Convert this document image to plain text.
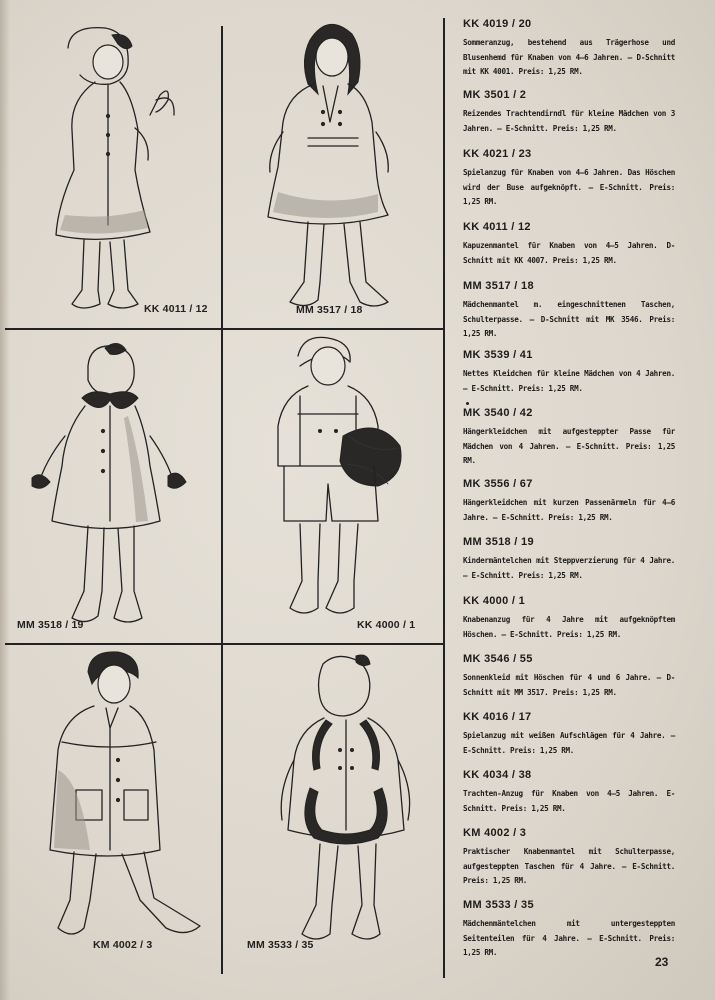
KK 4011 / 12	MM 3517 / 18
MM 3518 / 19	KK 4000 / 1
KM 4002 / 3	MM 3533 / 35
KK 4019 / 20
Sommeranzug, bestehend aus Trägerhose und Blusenhemd für Knaben von 4—6 Jahren. — D-Schnitt mit KK 4001. Preis: 1,25 RM.
MK 3501 / 2
Reizendes Trachtendirndl für kleine Mädchen von 3 Jahren. — E-Schnitt. Preis: 1,25 RM.
KK 4021 / 23
Spielanzug für Knaben von 4—6 Jahren. Das Höschen wird der Buse aufgeknöpft. — E-Schnitt. Preis: 1,25 RM.
KK 4011 / 12
Kapuzenmantel für Knaben von 4—5 Jahren. D-Schnitt mit KK 4007. Preis: 1,25 RM.
MM 3517 / 18
Mädchenmantel m. eingeschnittenen Taschen, Schulterpasse. — D-Schnitt mit MK 3546. Preis: 1,25 RM.
MK 3539 / 41
Nettes Kleidchen für kleine Mädchen von 4 Jahren. — E-Schnitt. Preis: 1,25 RM.
MK 3540 / 42
Hängerkleidchen mit aufgesteppter Passe für Mädchen von 4 Jahren. — E-Schnitt. Preis: 1,25 RM.
MK 3556 / 67
Hängerkleidchen mit kurzen Passenärmeln für 4—6 Jahre. — E-Schnitt. Preis: 1,25 RM.
MM 3518 / 19
Kindermäntelchen mit Steppverzierung für 4 Jahre. — E-Schnitt. Preis: 1,25 RM.
KK 4000 / 1
Knabenanzug für 4 Jahre mit aufgeknöpftem Höschen. — E-Schnitt. Preis: 1,25 RM.
MK 3546 / 55
Sonnenkleid mit Höschen für 4 und 6 Jahre. — D-Schnitt mit MM 3517. Preis: 1,25 RM.
KK 4016 / 17
Spielanzug mit weißen Aufschlägen für 4 Jahre. — E-Schnitt. Preis: 1,25 RM.
KK 4034 / 38
Trachten-Anzug für Knaben von 4—5 Jahren. E-Schnitt. Preis: 1,25 RM.
KM 4002 / 3
Praktischer Knabenmantel mit Schulterpasse, aufgesteppten Taschen für 4 Jahre. — E-Schnitt. Preis: 1,25 RM.
MM 3533 / 35
Mädchenmäntelchen mit untergesteppten Seitenteilen für 4 Jahre. — E-Schnitt. Preis: 1,25 RM.
23
